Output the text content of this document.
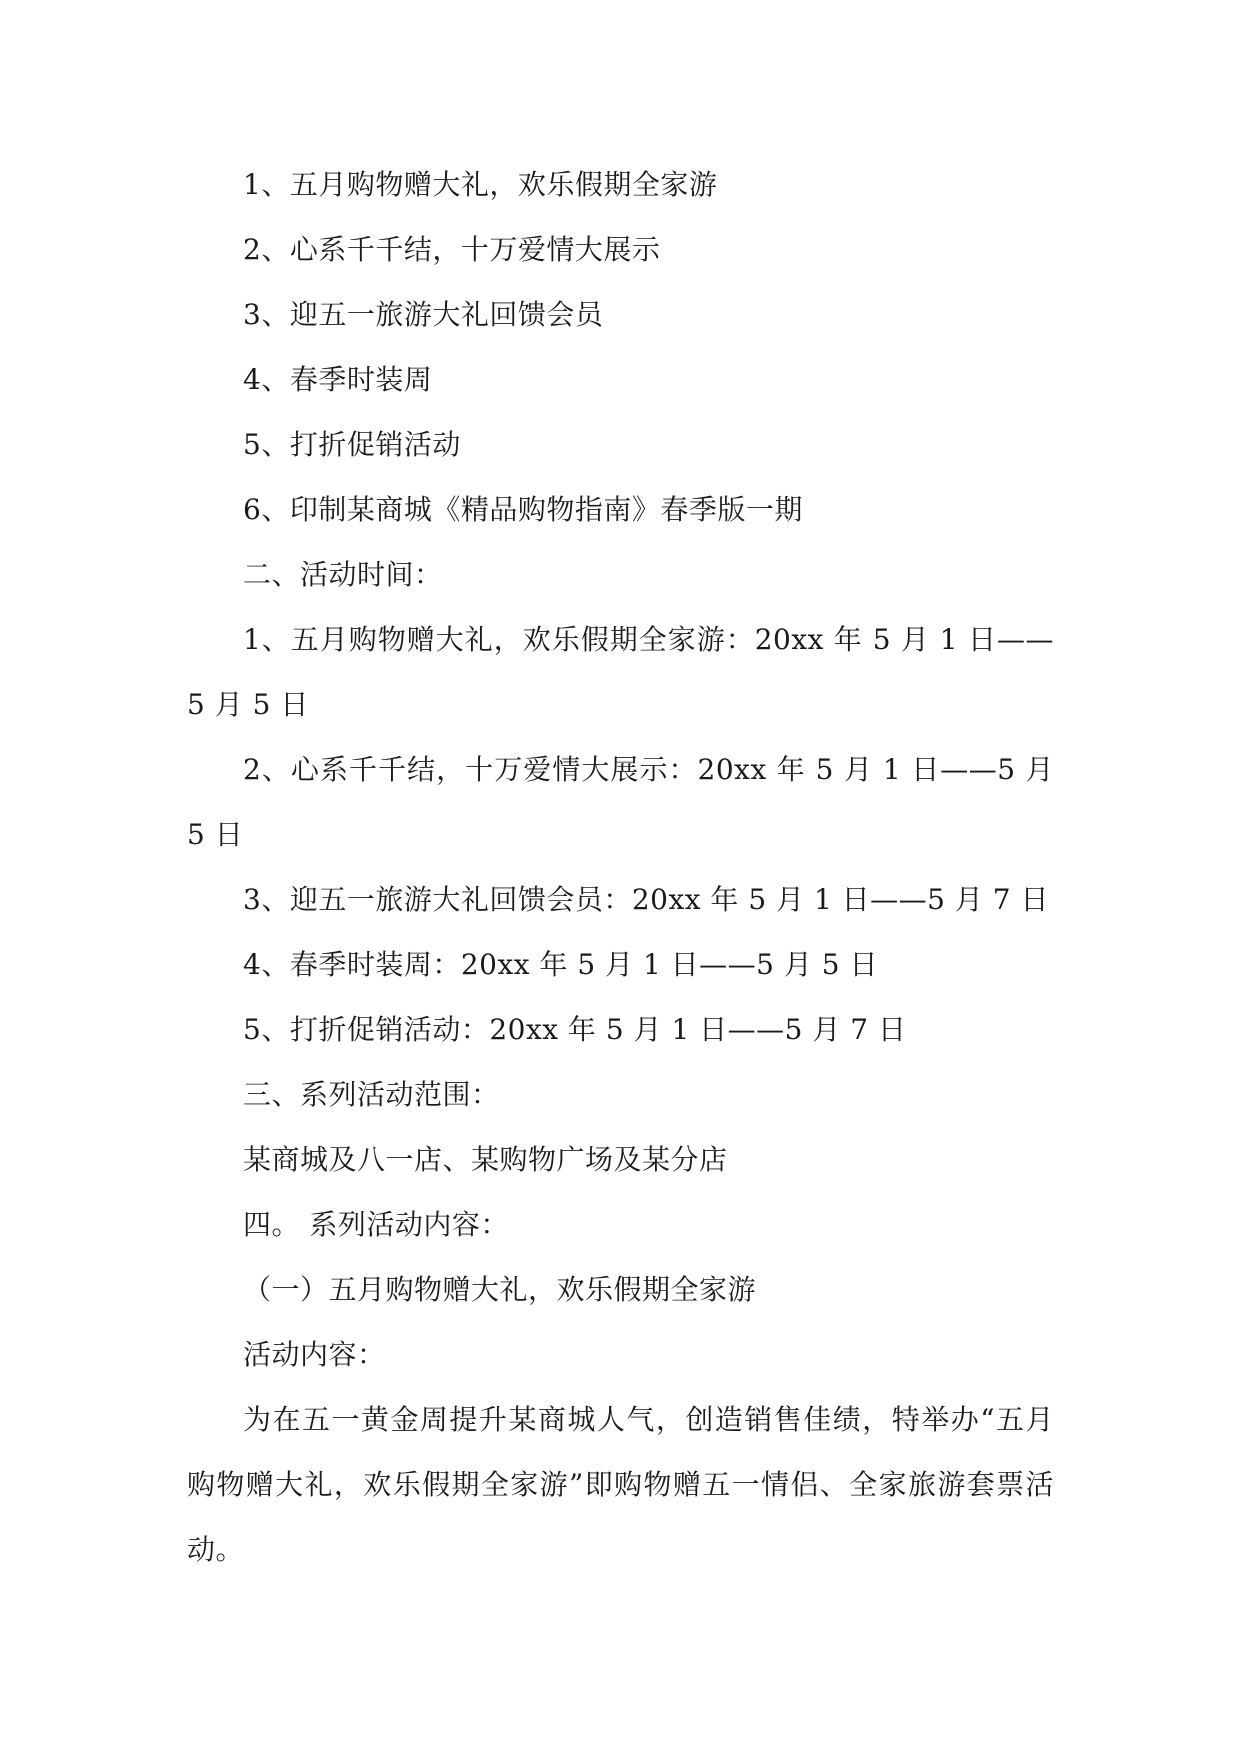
1、五月购物赠大礼，欢乐假期全家游

2、心系千千结，十万爱情大展示

3、迎五一旅游大礼回馈会员

4、春季时装周

5、打折促销活动

6、印制某商城《精品购物指南》春季版一期

二、活动时间：

1、五月购物赠大礼，欢乐假期全家游：20xx 年 5 月 1 日——5 月 5 日

2、心系千千结，十万爱情大展示：20xx 年 5 月 1 日——5 月 5 日

3、迎五一旅游大礼回馈会员：20xx 年 5 月 1 日——5 月 7 日

4、春季时装周：20xx 年 5 月 1 日——5 月 5 日

5、打折促销活动：20xx 年 5 月 1 日——5 月 7 日

三、系列活动范围：

某商城及八一店、某购物广场及某分店

四。 系列活动内容：

（一）五月购物赠大礼，欢乐假期全家游

活动内容：

为在五一黄金周提升某商城人气，创造销售佳绩，特举办“五月购物赠大礼，欢乐假期全家游”即购物赠五一情侣、全家旅游套票活动。
